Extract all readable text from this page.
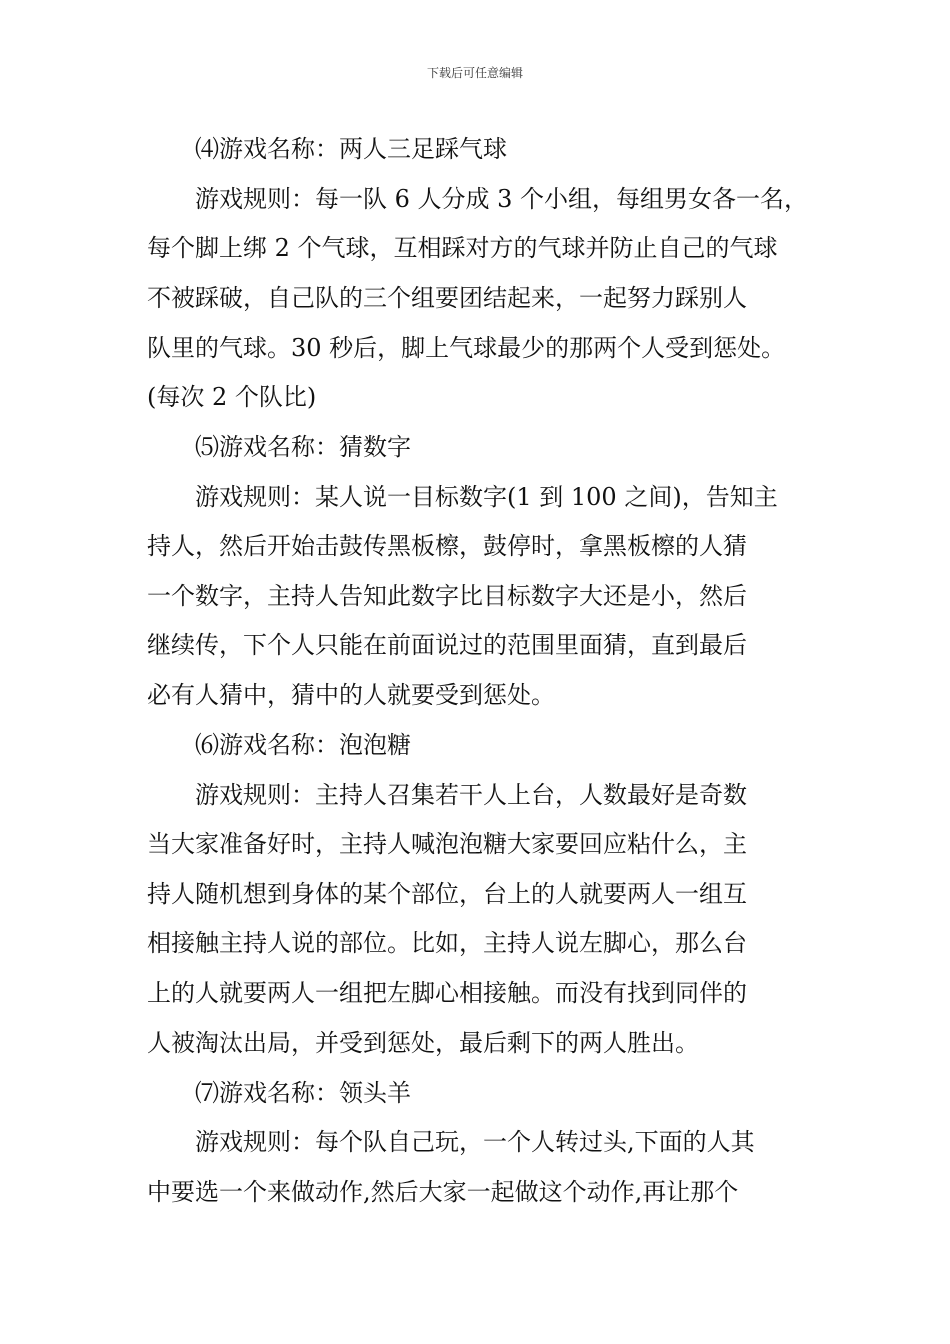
下载后可任意编辑
⑷游戏名称：两人三足踩气球
游戏规则：每一队 6 人分成 3 个小组，每组男女各一名，
每个脚上绑 2 个气球，互相踩对方的气球并防止自己的气球
不被踩破，自己队的三个组要团结起来，一起努力踩别人
队里的气球。30 秒后，脚上气球最少的那两个人受到惩处。
(每次 2 个队比)
⑸游戏名称：猜数字
游戏规则：某人说一目标数字(1 到 100 之间)，告知主
持人，然后开始击鼓传黑板檫，鼓停时，拿黑板檫的人猜
一个数字，主持人告知此数字比目标数字大还是小，然后
继续传，下个人只能在前面说过的范围里面猜，直到最后
必有人猜中，猜中的人就要受到惩处。
⑹游戏名称：泡泡糖
游戏规则：主持人召集若干人上台，人数最好是奇数
当大家准备好时，主持人喊泡泡糖大家要回应粘什么，主
持人随机想到身体的某个部位，台上的人就要两人一组互
相接触主持人说的部位。比如，主持人说左脚心，那么台
上的人就要两人一组把左脚心相接触。而没有找到同伴的
人被淘汰出局，并受到惩处，最后剩下的两人胜出。
⑺游戏名称：领头羊
游戏规则：每个队自己玩，一个人转过头,下面的人其
中要选一个来做动作,然后大家一起做这个动作,再让那个
